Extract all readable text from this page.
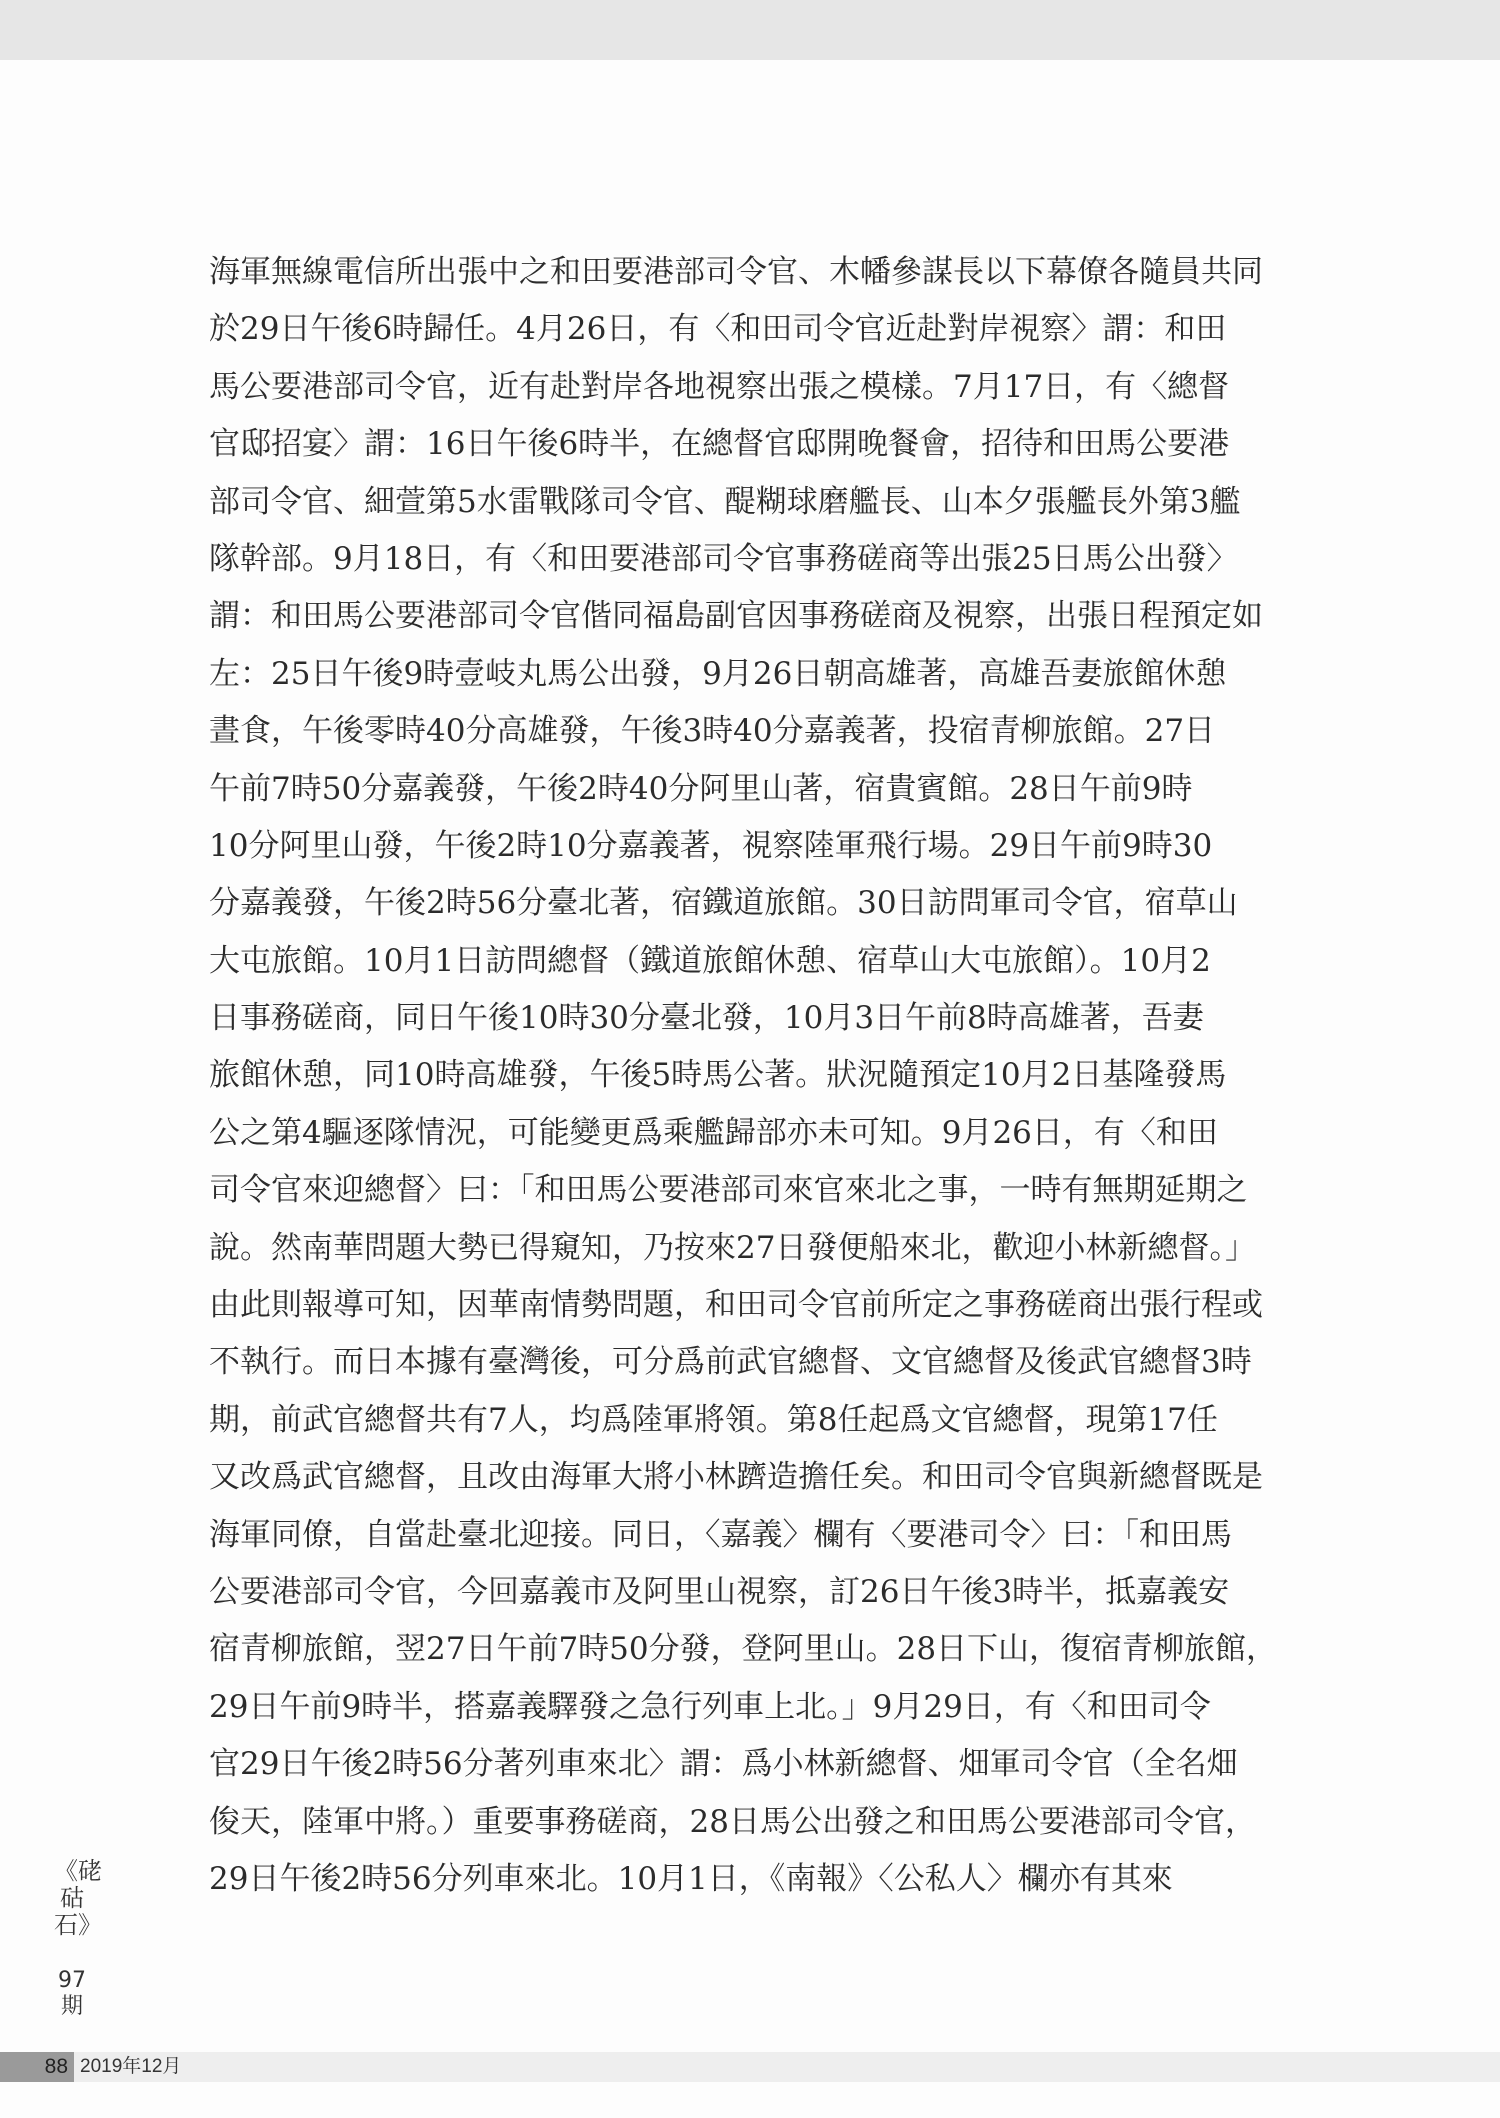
海軍無線電信所出張中之和田要港部司令官、木幡參謀長以下幕僚各隨員共同
於29日午後6時歸任。4月26日，有〈和田司令官近赴對岸視察〉謂：和田
馬公要港部司令官，近有赴對岸各地視察出張之模樣。7月17日，有〈總督
官邸招宴〉謂：16日午後6時半，在總督官邸開晚餐會，招待和田馬公要港
部司令官、細萱第5水雷戰隊司令官、醍糊球磨艦長、山本夕張艦長外第3艦
隊幹部。9月18日，有〈和田要港部司令官事務磋商等出張25日馬公出發〉
謂：和田馬公要港部司令官偕同福島副官因事務磋商及視察，出張日程預定如
左：25日午後9時壹岐丸馬公出發，9月26日朝高雄著，高雄吾妻旅館休憩
晝食，午後零時40分高雄發，午後3時40分嘉義著，投宿青柳旅館。27日
午前7時50分嘉義發，午後2時40分阿里山著，宿貴賓館。28日午前9時
10分阿里山發，午後2時10分嘉義著，視察陸軍飛行場。29日午前9時30
分嘉義發，午後2時56分臺北著，宿鐵道旅館。30日訪問軍司令官，宿草山
大屯旅館。10月1日訪問總督（鐵道旅館休憩、宿草山大屯旅館）。10月2
日事務磋商，同日午後10時30分臺北發，10月3日午前8時高雄著，吾妻
旅館休憩，同10時高雄發，午後5時馬公著。狀況隨預定10月2日基隆發馬
公之第4驅逐隊情況，可能變更爲乘艦歸部亦未可知。9月26日，有〈和田
司令官來迎總督〉曰：「和田馬公要港部司來官來北之事，一時有無期延期之
說。然南華問題大勢已得窺知，乃按來27日發便船來北，歡迎小林新總督。」
由此則報導可知，因華南情勢問題，和田司令官前所定之事務磋商出張行程或
不執行。而日本據有臺灣後，可分爲前武官總督、文官總督及後武官總督3時
期，前武官總督共有7人，均爲陸軍將領。第8任起爲文官總督，現第17任
又改爲武官總督，且改由海軍大將小林躋造擔任矣。和田司令官與新總督既是
海軍同僚，自當赴臺北迎接。同日，〈嘉義〉欄有〈要港司令〉曰：「和田馬
公要港部司令官，今回嘉義市及阿里山視察，訂26日午後3時半，抵嘉義安
宿青柳旅館，翌27日午前7時50分發，登阿里山。28日下山，復宿青柳旅館，
29日午前9時半，搭嘉義驛發之急行列車上北。」9月29日，有〈和田司令
官29日午後2時56分著列車來北〉謂：爲小林新總督、畑軍司令官（全名畑
俊天，陸軍中將。）重要事務磋商，28日馬公出發之和田馬公要港部司令官，
29日午後2時56分列車來北。10月1日，《南報》〈公私人〉欄亦有其來
《硓𥑮石》
97期
88 2019年12月
